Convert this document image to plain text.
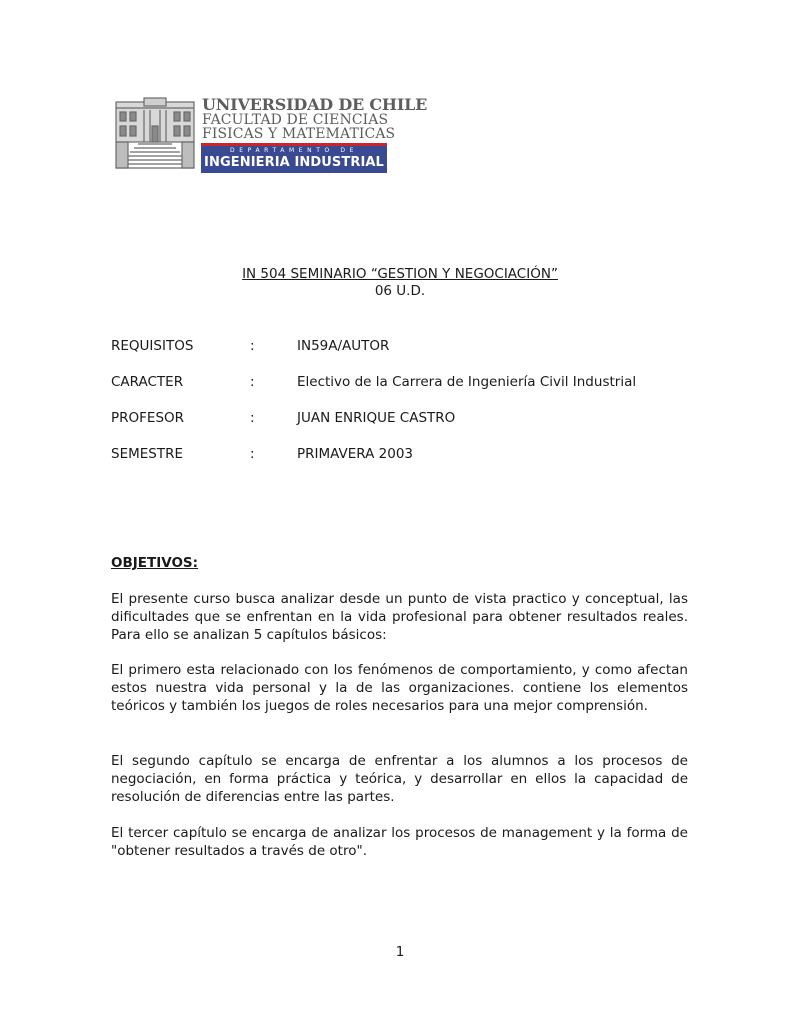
UNIVERSIDAD DE CHILE
FACULTAD DE CIENCIAS
FISICAS Y MATEMATICAS
DEPARTAMENTO DE
INGENIERIA INDUSTRIAL
IN 504 SEMINARIO “GESTION Y NEGOCIACIÓN”
06 U.D.
REQUISITOS	:	IN59A/AUTOR
CARACTER	:	Electivo de la Carrera de Ingeniería Civil Industrial
PROFESOR	:	JUAN ENRIQUE CASTRO
SEMESTRE	:	PRIMAVERA 2003
OBJETIVOS:
El presente curso busca analizar desde un punto de vista practico y conceptual, las dificultades que se enfrentan en la vida profesional para obtener resultados reales. Para ello se analizan 5 capítulos básicos:
El primero esta relacionado con los fenómenos de comportamiento, y como afectan estos nuestra vida personal y la de las organizaciones. contiene los elementos teóricos y también los juegos de roles necesarios para una mejor comprensión.
El segundo capítulo se encarga de enfrentar a los alumnos a los procesos de negociación, en forma práctica y teórica, y desarrollar en ellos la capacidad de resolución de diferencias entre las partes.
El tercer capítulo se encarga de analizar los procesos de management y la forma de "obtener resultados a través de otro".
1
